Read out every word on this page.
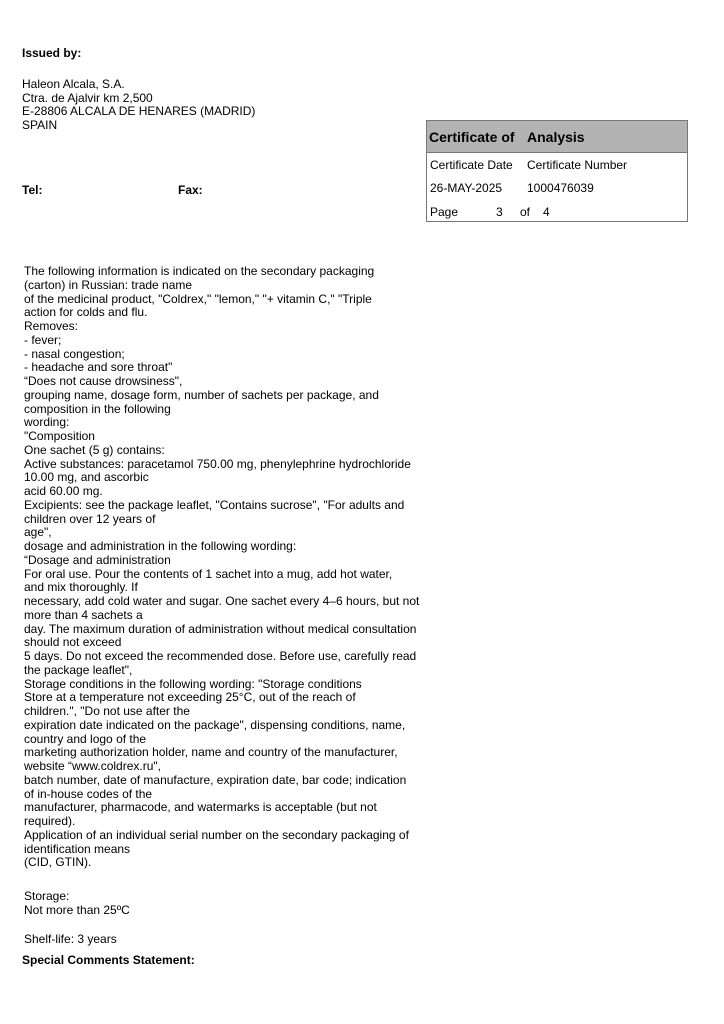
Issued by:
Haleon Alcala, S.A.
Ctra. de Ajalvir km 2,500
E-28806 ALCALA DE HENARES (MADRID)
SPAIN
Tel:	Fax:
Certificate of Analysis
Certificate Date Certificate Number
26-MAY-2025 1000476039
Page	3 of 4
The following information is indicated on the secondary packaging
(carton) in Russian: trade name
of the medicinal product, "Coldrex," "lemon," "+ vitamin C," "Triple
action for colds and flu.
Removes:
- fever;
- nasal congestion;
- headache and sore throat"
“Does not cause drowsiness",
grouping name, dosage form, number of sachets per package, and
composition in the following
wording:
"Composition
One sachet (5 g) contains:
Active substances: paracetamol 750.00 mg, phenylephrine hydrochloride
10.00 mg, and ascorbic
acid 60.00 mg.
Excipients: see the package leaflet, "Contains sucrose", "For adults and
children over 12 years of
age",
dosage and administration in the following wording:
“Dosage and administration
For oral use. Pour the contents of 1 sachet into a mug, add hot water,
and mix thoroughly. If
necessary, add cold water and sugar. One sachet every 4–6 hours, but not
more than 4 sachets a
day. The maximum duration of administration without medical consultation
should not exceed
5 days. Do not exceed the recommended dose. Before use, carefully read
the package leaflet",
Storage conditions in the following wording: "Storage conditions
Store at a temperature not exceeding 25°C, out of the reach of
children.", "Do not use after the
expiration date indicated on the package", dispensing conditions, name,
country and logo of the
marketing authorization holder, name and country of the manufacturer,
website “www.coldrex.ru",
batch number, date of manufacture, expiration date, bar code; indication
of in-house codes of the
manufacturer, pharmacode, and watermarks is acceptable (but not
required).
Application of an individual serial number on the secondary packaging of
identification means
(CID, GTIN).
Storage:
Not more than 25ºC
Shelf-life: 3 years
Special Comments Statement:
